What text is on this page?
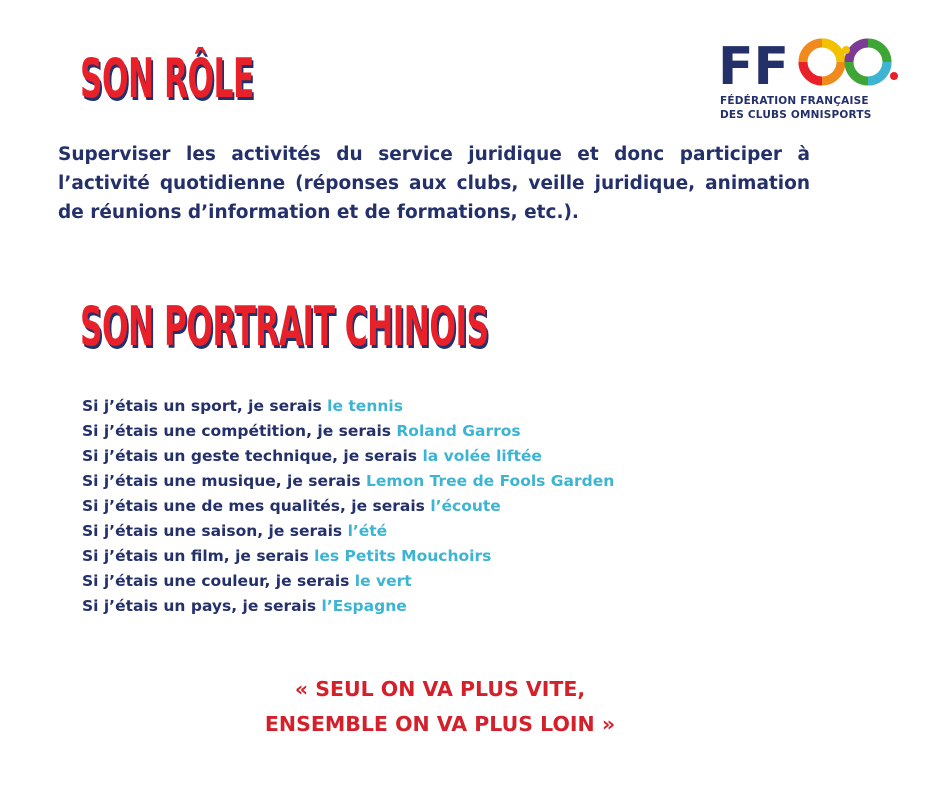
SON RÔLE	FF
FÉDÉRATION FRANÇAISE
DES CLUBS OMNISPORTS

Superviser les activités du service juridique et donc participer à l’activité quotidienne (réponses aux clubs, veille juridique, animation de réunions d’information et de formations, etc.).

SON PORTRAIT CHINOIS
Si j’étais un sport, je serais le tennis
Si j’étais une compétition, je serais Roland Garros
Si j’étais un geste technique, je serais la volée liftée
Si j’étais une musique, je serais Lemon Tree de Fools Garden
Si j’étais une de mes qualités, je serais l’écoute
Si j’étais une saison, je serais l’été
Si j’étais un film, je serais les Petits Mouchoirs
Si j’étais une couleur, je serais le vert
Si j’étais un pays, je serais l’Espagne
« SEUL ON VA PLUS VITE,
ENSEMBLE ON VA PLUS LOIN »
